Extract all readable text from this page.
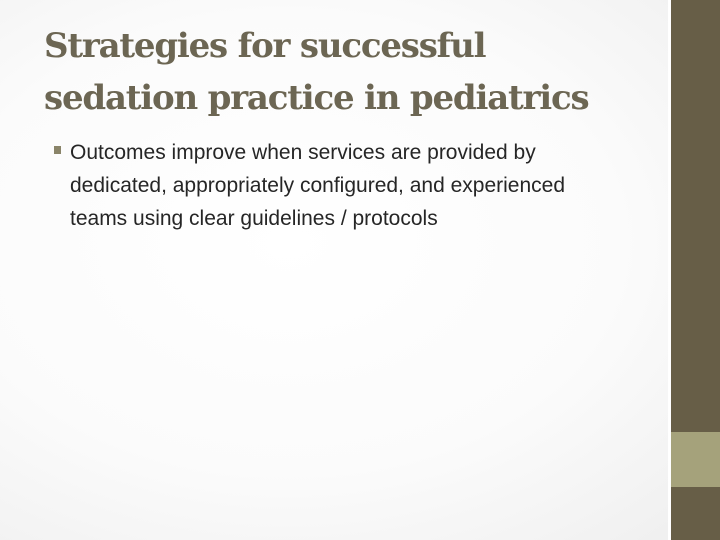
Strategies for successful
sedation practice in pediatrics
Outcomes improve when services are provided by dedicated, appropriately configured, and experienced teams using clear guidelines / protocols
